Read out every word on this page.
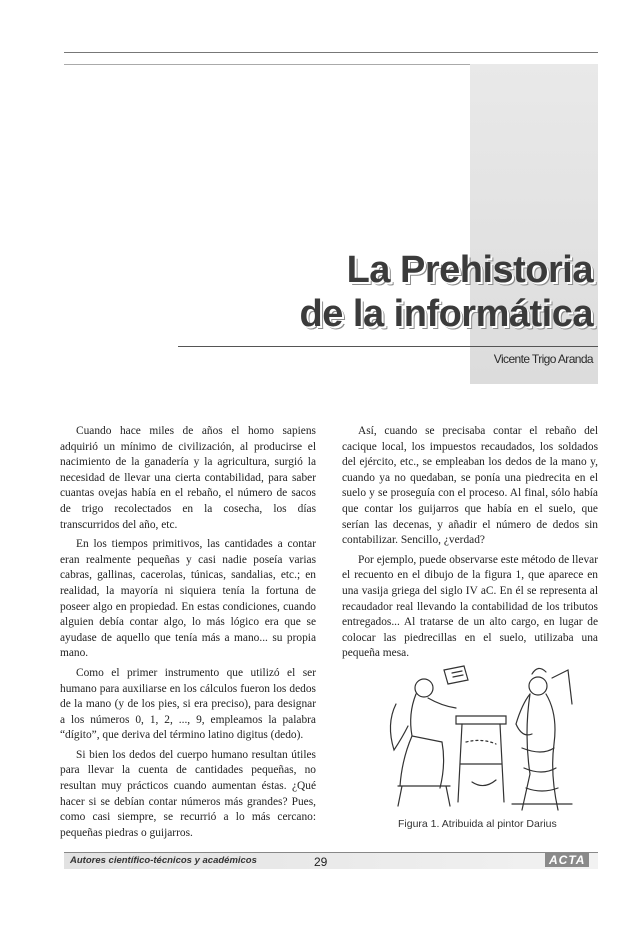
La Prehistoria
de la informática
Vicente Trigo Aranda

Cuando hace miles de años el homo sapiens adquirió un mínimo de civilización, al producirse el nacimiento de la ganadería y la agricultura, surgió la necesidad de llevar una cierta contabilidad, para saber cuantas ovejas había en el rebaño, el número de sacos de trigo recolectados en la cosecha, los días transcurridos del año, etc.

En los tiempos primitivos, las cantidades a contar eran realmente pequeñas y casi nadie poseía varias cabras, gallinas, cacerolas, túnicas, sandalias, etc.; en realidad, la mayoría ni siquiera tenía la fortuna de poseer algo en propiedad. En estas condiciones, cuando alguien debía contar algo, lo más lógico era que se ayudase de aquello que tenía más a mano... su propia mano.

Como el primer instrumento que utilizó el ser humano para auxiliarse en los cálculos fueron los dedos de la mano (y de los pies, si era preciso), para designar a los números 0, 1, 2, ..., 9, empleamos la palabra “dígito”, que deriva del término latino digitus (dedo).

Si bien los dedos del cuerpo humano resultan útiles para llevar la cuenta de cantidades pequeñas, no resultan muy prácticos cuando aumentan éstas. ¿Qué hacer si se debían contar números más grandes? Pues, como casi siempre, se recurrió a lo más cercano: pequeñas piedras o guijarros.

Así, cuando se precisaba contar el rebaño del cacique local, los impuestos recaudados, los soldados del ejército, etc., se empleaban los dedos de la mano y, cuando ya no quedaban, se ponía una piedrecita en el suelo y se proseguía con el proceso. Al final, sólo había que contar los guijarros que había en el suelo, que serían las decenas, y añadir el número de dedos sin contabilizar. Sencillo, ¿verdad?

Por ejemplo, puede observarse este método de llevar el recuento en el dibujo de la figura 1, que aparece en una vasija griega del siglo IV aC. En él se representa al recaudador real llevando la contabilidad de los tributos entregados... Al tratarse de un alto cargo, en lugar de colocar las piedrecillas en el suelo, utilizaba una pequeña mesa.

Figura 1. Atribuida al pintor Darius
Autores científico-técnicos y académicos	29	ACTA
